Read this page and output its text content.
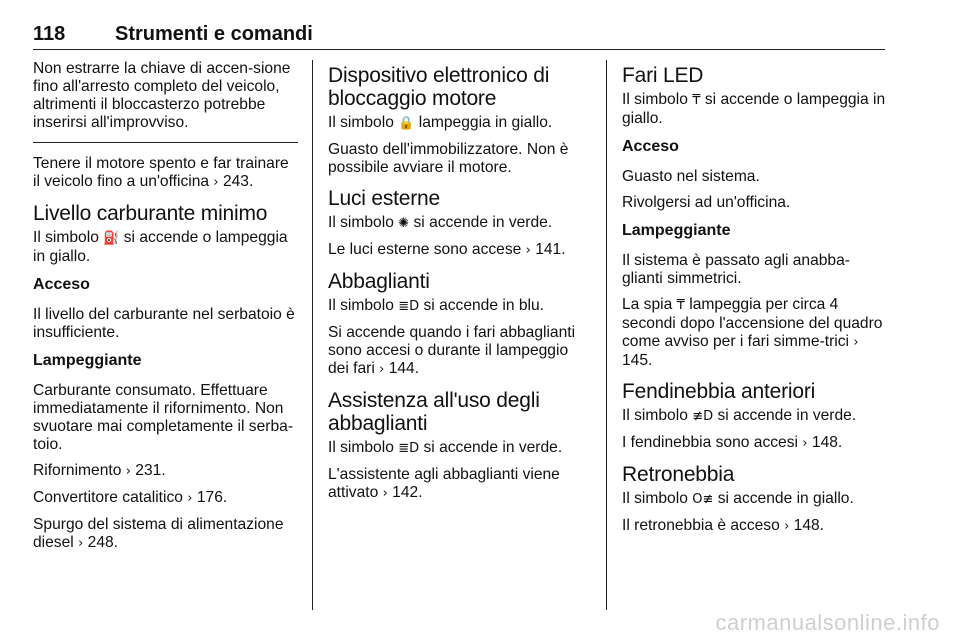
118 Strumenti e comandi

Non estrarre la chiave di accen-sione fino all'arresto completo del veicolo, altrimenti il bloccasterzo potrebbe inserirsi all'improvviso.

Tenere il motore spento e far trainare il veicolo fino a un'officina › 243.

Livello carburante minimo

Il simbolo ⛽ si accende o lampeggia in giallo.

Acceso

Il livello del carburante nel serbatoio è insufficiente.

Lampeggiante

Carburante consumato. Effettuare immediatamente il rifornimento. Non svuotare mai completamente il serba-toio.

Rifornimento › 231.

Convertitore catalitico › 176.

Spurgo del sistema di alimentazione diesel › 248.

Dispositivo elettronico di bloccaggio motore

Il simbolo 🔒 lampeggia in giallo.

Guasto dell'immobilizzatore. Non è possibile avviare il motore.

Luci esterne

Il simbolo ✺ si accende in verde.

Le luci esterne sono accese › 141.

Abbaglianti

Il simbolo ≣D si accende in blu.

Si accende quando i fari abbaglianti sono accesi o durante il lampeggio dei fari › 144.

Assistenza all'uso degli abbaglianti

Il simbolo ≣D si accende in verde.

L'assistente agli abbaglianti viene attivato › 142.

Fari LED

Il simbolo ₸ si accende o lampeggia in giallo.

Acceso

Guasto nel sistema.

Rivolgersi ad un'officina.

Lampeggiante

Il sistema è passato agli anabba-glianti simmetrici.

La spia ₸ lampeggia per circa 4 secondi dopo l'accensione del quadro come avviso per i fari simme-trici › 145.

Fendinebbia anteriori

Il simbolo ≢D si accende in verde.

I fendinebbia sono accesi › 148.

Retronebbia

Il simbolo O≢ si accende in giallo.

Il retronebbia è acceso › 148.

carmanualsonline.info
